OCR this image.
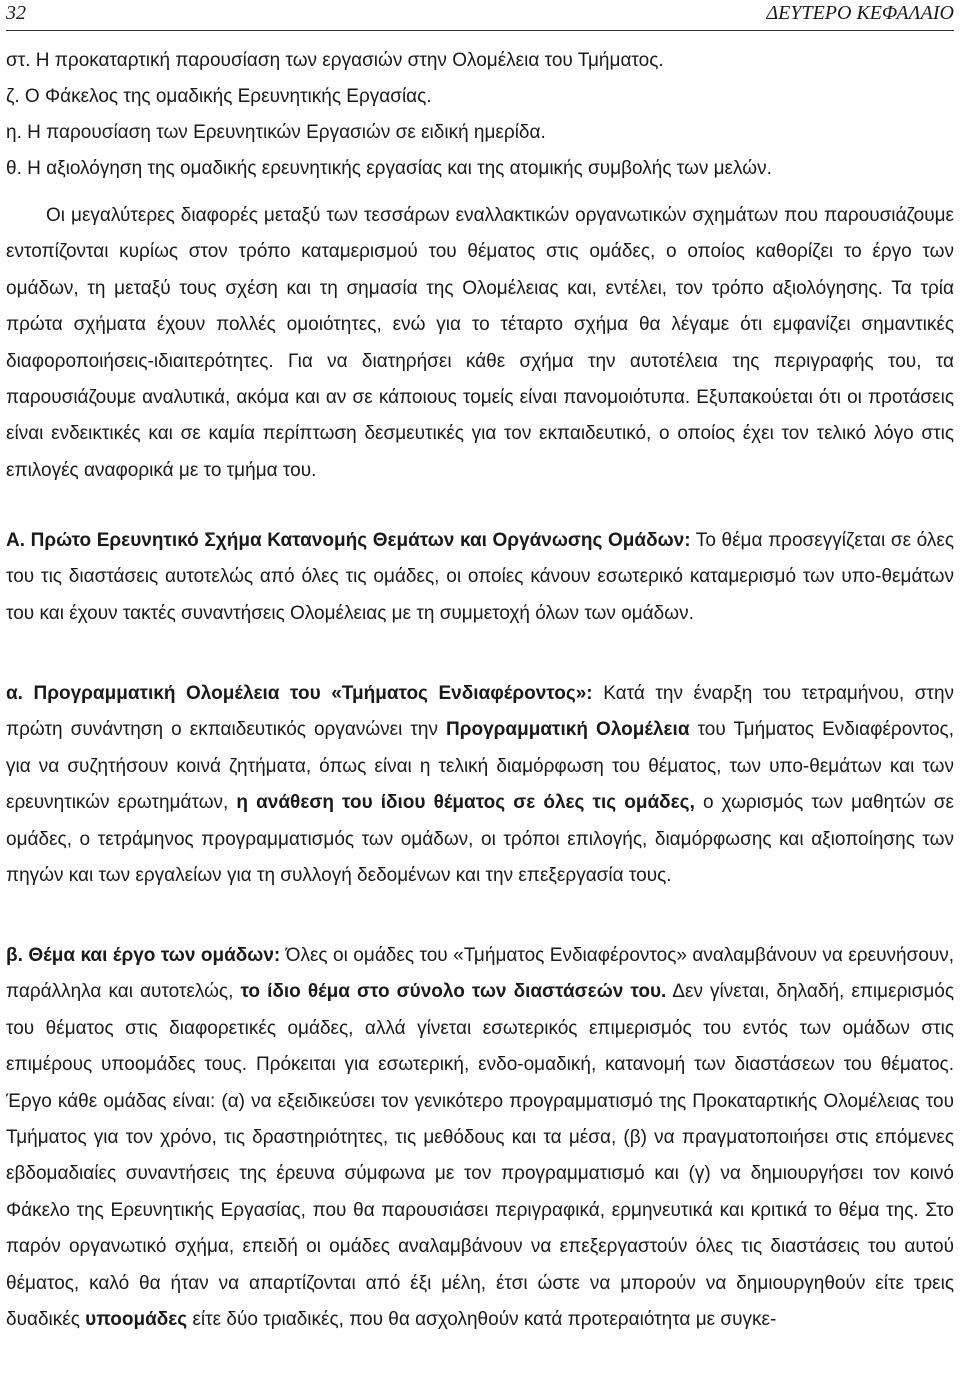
32	ΔΕΥΤΕΡΟ ΚΕΦΑΛΑΙΟ
στ. Η προκαταρτική παρουσίαση των εργασιών στην Ολομέλεια του Τμήματος.
ζ. Ο Φάκελος της ομαδικής Ερευνητικής Εργασίας.
η. Η παρουσίαση των Ερευνητικών Εργασιών σε ειδική ημερίδα.
θ. Η αξιολόγηση της ομαδικής ερευνητικής εργασίας και της ατομικής συμβολής των μελών.

Οι μεγαλύτερες διαφορές μεταξύ των τεσσάρων εναλλακτικών οργανωτικών σχημάτων που παρουσιάζουμε εντοπίζονται κυρίως στον τρόπο καταμερισμού του θέματος στις ομάδες, ο οποίος καθορίζει το έργο των ομάδων, τη μεταξύ τους σχέση και τη σημασία της Ολομέλειας και, εντέλει, τον τρόπο αξιολόγησης. Τα τρία πρώτα σχήματα έχουν πολλές ομοιότητες, ενώ για το τέταρτο σχήμα θα λέγαμε ότι εμφανίζει σημαντικές διαφοροποιήσεις-ιδιαιτερότητες. Για να διατηρήσει κάθε σχήμα την αυτοτέλεια της περιγραφής του, τα παρουσιάζουμε αναλυτικά, ακόμα και αν σε κάποιους τομείς είναι πανομοιότυπα. Εξυπακούεται ότι οι προτάσεις είναι ενδεικτικές και σε καμία περίπτωση δεσμευτικές για τον εκπαιδευτικό, ο οποίος έχει τον τελικό λόγο στις επιλογές αναφορικά με το τμήμα του.

Α. Πρώτο Ερευνητικό Σχήμα Κατανομής Θεμάτων και Οργάνωσης Ομάδων: Το θέμα προσεγγίζεται σε όλες του τις διαστάσεις αυτοτελώς από όλες τις ομάδες, οι οποίες κάνουν εσωτερικό καταμερισμό των υπο-θεμάτων του και έχουν τακτές συναντήσεις Ολομέλειας με τη συμμετοχή όλων των ομάδων.

α. Προγραμματική Ολομέλεια του «Τμήματος Ενδιαφέροντος»: Κατά την έναρξη του τετραμήνου, στην πρώτη συνάντηση ο εκπαιδευτικός οργανώνει την Προγραμματική Ολομέλεια του Τμήματος Ενδιαφέροντος, για να συζητήσουν κοινά ζητήματα, όπως είναι η τελική διαμόρφωση του θέματος, των υπο-θεμάτων και των ερευνητικών ερωτημάτων, η ανάθεση του ίδιου θέματος σε όλες τις ομάδες, ο χωρισμός των μαθητών σε ομάδες, ο τετράμηνος προγραμματισμός των ομάδων, οι τρόποι επιλογής, διαμόρφωσης και αξιοποίησης των πηγών και των εργαλείων για τη συλλογή δεδομένων και την επεξεργασία τους.

β. Θέμα και έργο των ομάδων: Όλες οι ομάδες του «Τμήματος Ενδιαφέροντος» αναλαμβάνουν να ερευνήσουν, παράλληλα και αυτοτελώς, το ίδιο θέμα στο σύνολο των διαστάσεών του. Δεν γίνεται, δηλαδή, επιμερισμός του θέματος στις διαφορετικές ομάδες, αλλά γίνεται εσωτερικός επιμερισμός του εντός των ομάδων στις επιμέρους υποομάδες τους. Πρόκειται για εσωτερική, ενδο-ομαδική, κατανομή των διαστάσεων του θέματος. Έργο κάθε ομάδας είναι: (α) να εξειδικεύσει τον γενικότερο προγραμματισμό της Προκαταρτικής Ολομέλειας του Τμήματος για τον χρόνο, τις δραστηριότητες, τις μεθόδους και τα μέσα, (β) να πραγματοποιήσει στις επόμενες εβδομαδιαίες συναντήσεις της έρευνα σύμφωνα με τον προγραμματισμό και (γ) να δημιουργήσει τον κοινό Φάκελο της Ερευνητικής Εργασίας, που θα παρουσιάσει περιγραφικά, ερμηνευτικά και κριτικά το θέμα της. Στο παρόν οργανωτικό σχήμα, επειδή οι ομάδες αναλαμβάνουν να επεξεργαστούν όλες τις διαστάσεις του αυτού θέματος, καλό θα ήταν να απαρτίζονται από έξι μέλη, έτσι ώστε να μπορούν να δημιουργηθούν είτε τρεις δυαδικές υποομάδες είτε δύο τριαδικές, που θα ασχοληθούν κατά προτεραιότητα με συγκε-
